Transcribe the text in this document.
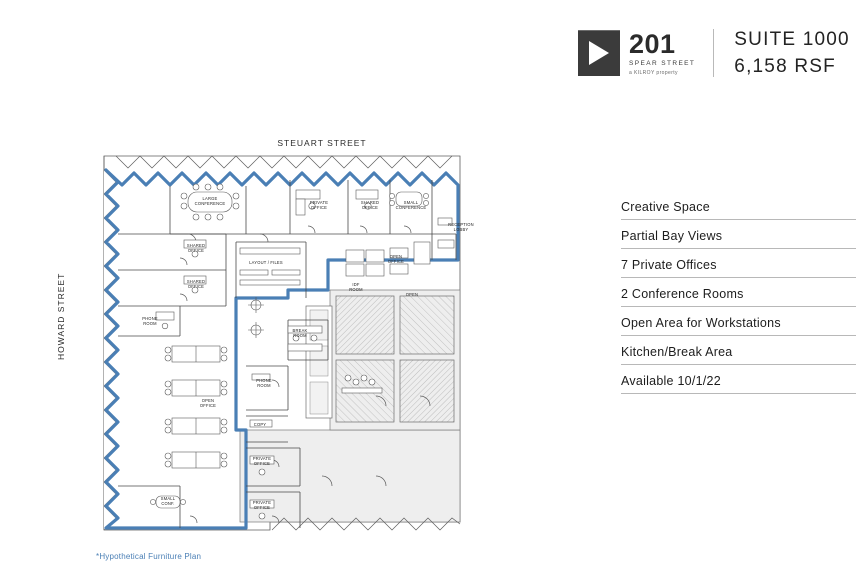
201
SPEAR STREET
a KILROY property
SUITE 1000
6,158 RSF
Creative Space
Partial Bay Views
7 Private Offices
2 Conference Rooms
Open Area for Workstations
Kitchen/Break Area
Available 10/1/22
STEUART STREET
HOWARD STREET
*Hypothetical Furniture Plan
LARGE
CONFERENCE	PRIVATE
OFFICE
SHARED
OFFICE
SMALL
CONFERENCE
RECEPTION
LOBBY
SHARED
OFFICE
SHARED
OFFICE
PHONE
ROOM
LAYOUT / FILES
OPEN
OFFICE
IDF
ROOM
BREAK
ROOM
OPEN
PHONE
ROOM
COPY
OPEN
OFFICE
PRIVATE
OFFICE
SMALL
CONF.	PRIVATE
OFFICE
